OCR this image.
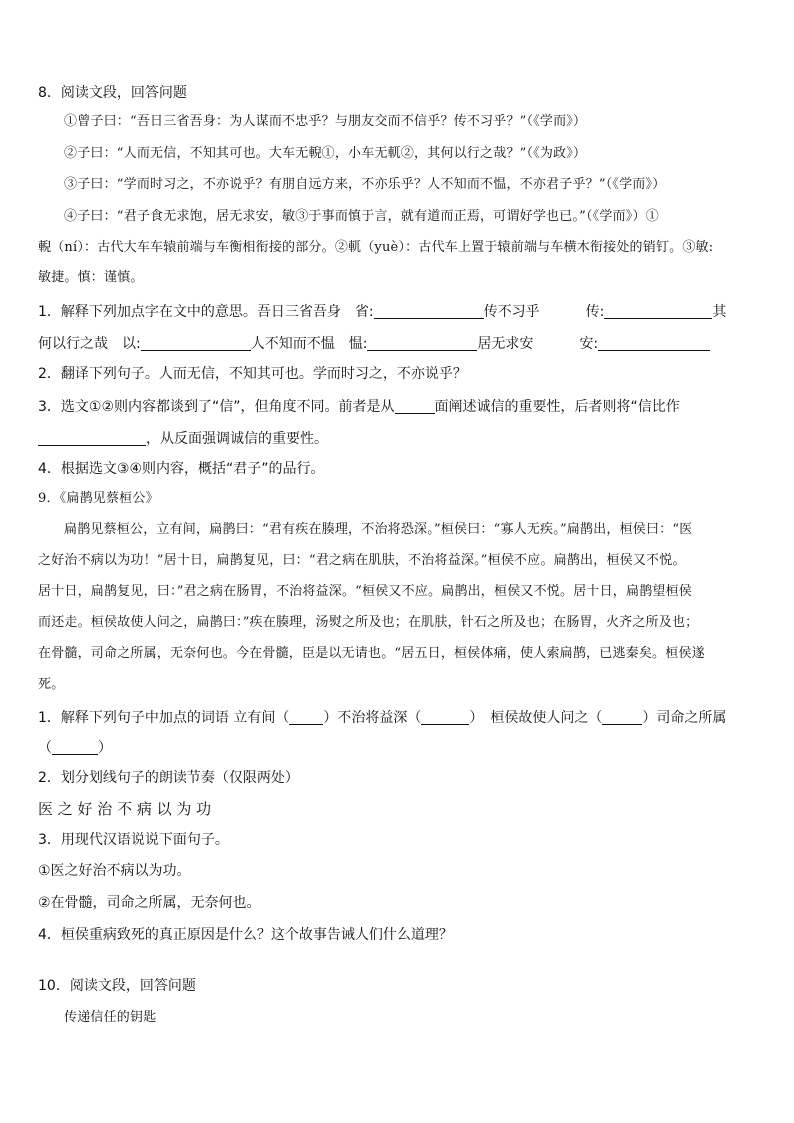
8．阅读文段，回答问题
①曾子曰：“吾日三省吾身：为人谋而不忠乎？与朋友交而不信乎？传不习乎？”（《学而》）
②子曰：“人而无信，不知其可也。大车无輗①，小车无軏②，其何以行之哉？”（《为政》）
③子曰：“学而时习之，不亦说乎？有朋自远方来，不亦乐乎？人不知而不愠，不亦君子乎？”（《学而》）
④子曰：“君子食无求饱，居无求安，敏③于事而慎于言，就有道而正焉，可谓好学也已。”（《学而》）①
輗（ní）：古代大车车辕前端与车衡相衔接的部分。②軏（yuè）：古代车上置于辕前端与车横木衔接处的销钉。③敏:
敏捷。慎：谨慎。
1．解释下列加点字在文中的意思。吾日三省吾身　省:	传不习乎	传:	其
何以行之哉　以:	人不知而不愠　愠:	居无求安	安:
2．翻译下列句子。人而无信，不知其可也。学而时习之，不亦说乎？
3．选文①②则内容都谈到了“信”，但角度不同。前者是从	面阐述诚信的重要性，后者则将“信比作
，从反面强调诚信的重要性。
4．根据选文③④则内容，概括“君子”的品行。
9．《扁鹊见蔡桓公》
扁鹊见蔡桓公，立有间，扁鹊曰：“君有疾在腠理，不治将恐深。”桓侯曰：“寡人无疾。”扁鹊出，桓侯曰：“医
之好治不病以为功！”居十日，扁鹊复见，曰：“君之病在肌肤，不治将益深。”桓侯不应。扁鹊出，桓侯又不悦。
居十日，扁鹊复见，曰：”君之病在肠胃，不治将益深。“桓侯又不应。扁鹊出，桓侯又不悦。居十日，扁鹊望桓侯
而还走。桓侯故使人问之，扁鹊曰：”疾在腠理，汤熨之所及也；在肌肤，针石之所及也；在肠胃，火齐之所及也；
在骨髓，司命之所属，无奈何也。今在骨髓，臣是以无请也。“居五日，桓侯体痛，使人索扁鹊，已逃秦矣。桓侯遂
死。
1．解释下列句子中加点的词语 立有间（ ）不治将益深（	）　桓侯故使人问之（	）司命之所属
（	）
2．划分划线句子的朗读节奏（仅限两处）
医 之 好 治 不 病 以 为 功
3．用现代汉语说说下面句子。
①医之好治不病以为功。
②在骨髓，司命之所属，无奈何也。
4．桓侯重病致死的真正原因是什么？这个故事告诫人们什么道理？
10．阅读文段，回答问题
传递信任的钥匙
